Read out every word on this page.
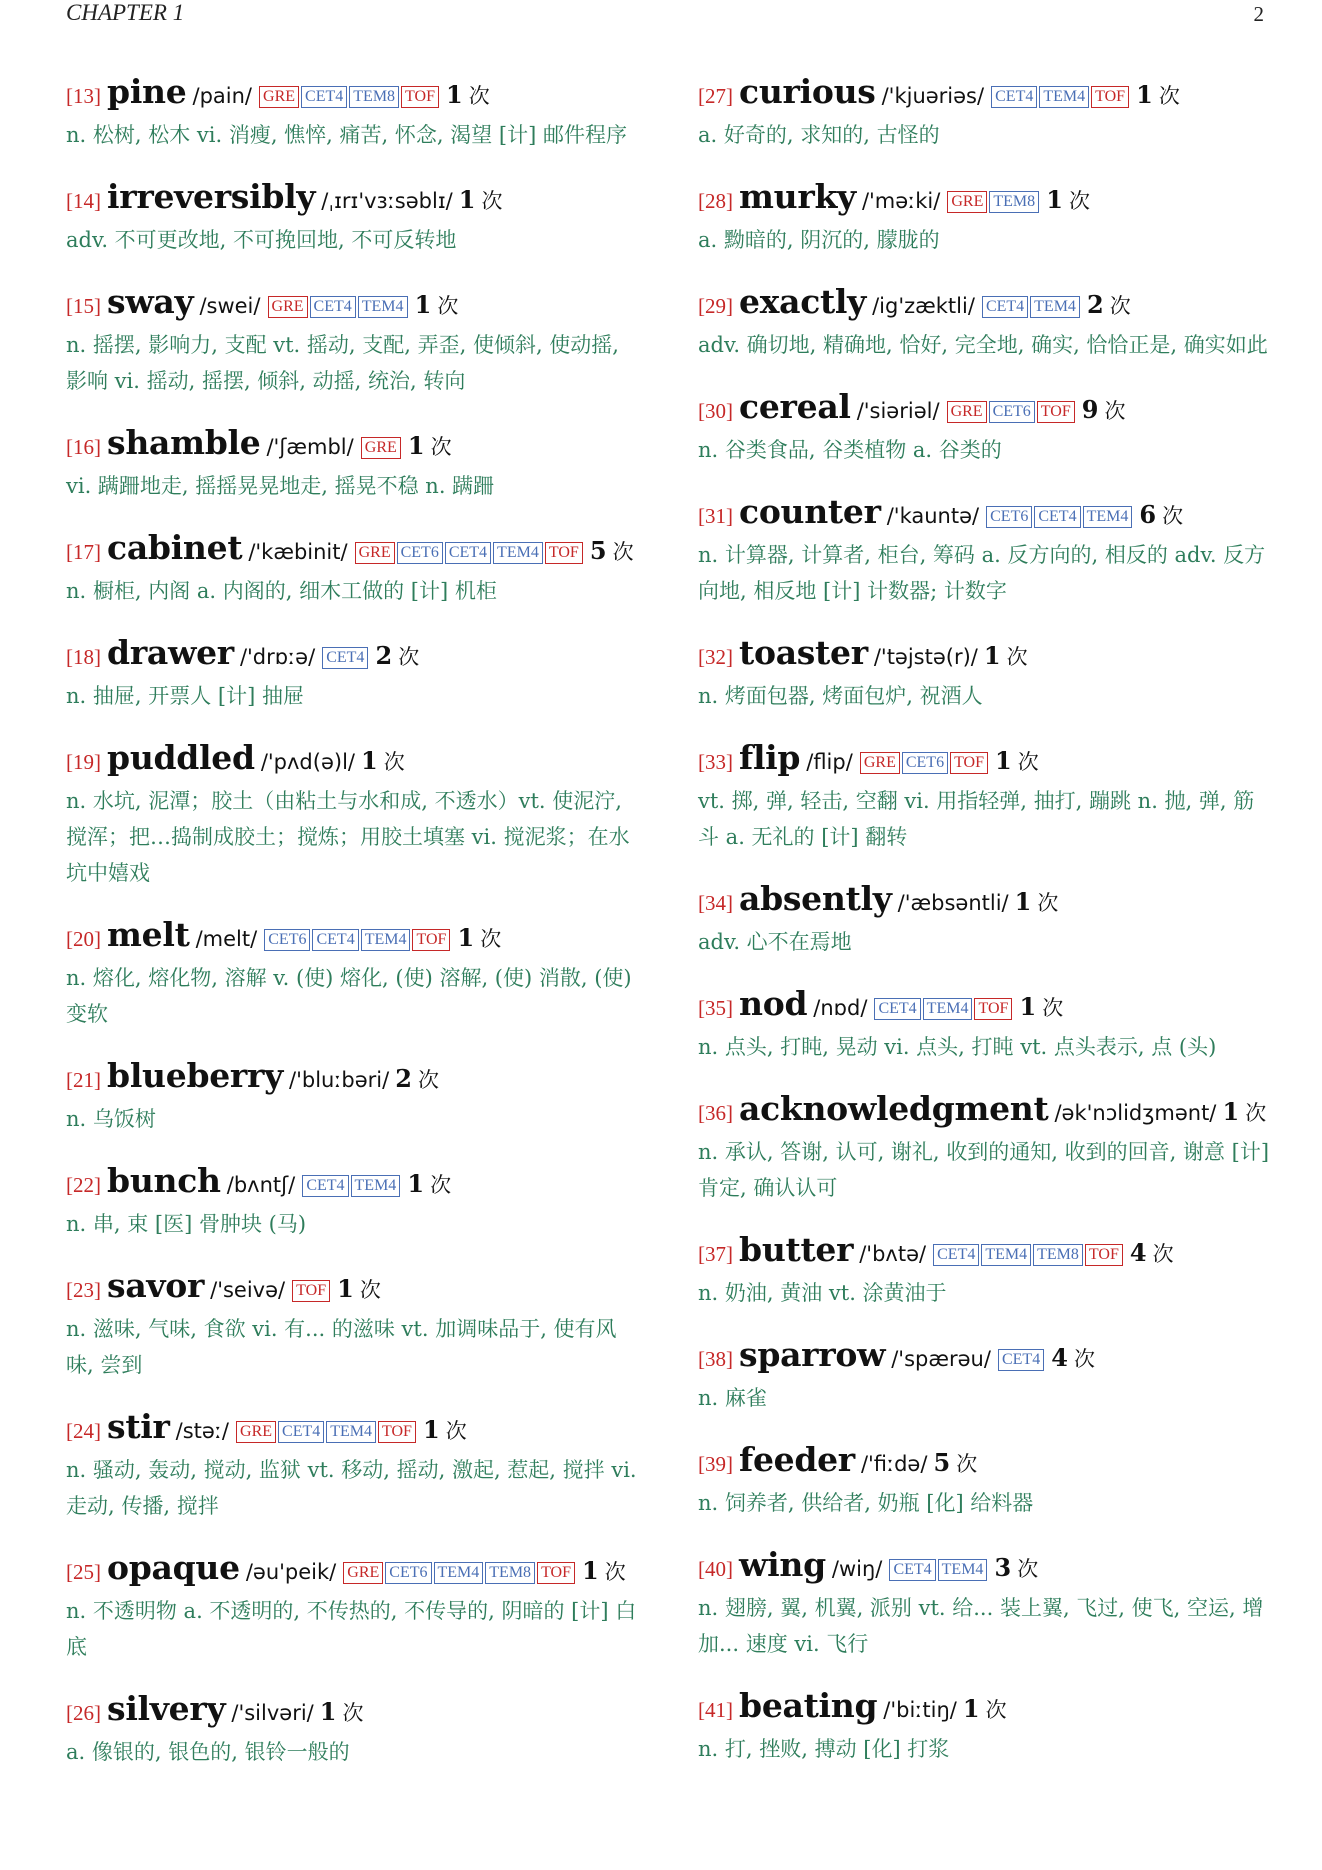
CHAPTER 1	2
[13] pine /pain/ GRE CET4 TEM8 TOF 1 次
n. 松树, 松木 vi. 消瘦, 憔悴, 痛苦, 怀念, 渴望 [计] 邮件程序
[14] irreversibly /ˌɪrɪ'vɜːsəblɪ/ 1 次
adv. 不可更改地, 不可挽回地, 不可反转地
[15] sway /swei/ GRE CET4 TEM4 1 次
n. 摇摆, 影响力, 支配 vt. 摇动, 支配, 弄歪, 使倾斜, 使动摇, 影响 vi. 摇动, 摇摆, 倾斜, 动摇, 统治, 转向
[16] shamble /'ʃæmbl/ GRE 1 次
vi. 蹒跚地走, 摇摇晃晃地走, 摇晃不稳 n. 蹒跚
[17] cabinet /'kæbinit/ GRE CET6 CET4 TEM4 TOF 5 次
n. 橱柜, 内阁 a. 内阁的, 细木工做的 [计] 机柜
[18] drawer /'drɒːə/ CET4 2 次
n. 抽屉, 开票人 [计] 抽屉
[19] puddled /'pʌd(ə)l/ 1 次
n. 水坑, 泥潭；胶土（由粘土与水和成, 不透水）vt. 使泥泞, 搅浑；把…捣制成胶土；搅炼；用胶土填塞 vi. 搅泥浆；在水坑中嬉戏
[20] melt /melt/ CET6 CET4 TEM4 TOF 1 次
n. 熔化, 熔化物, 溶解 v. (使) 熔化, (使) 溶解, (使) 消散, (使) 变软
[21] blueberry /'bluːbəri/ 2 次
n. 乌饭树
[22] bunch /bʌntʃ/ CET4 TEM4 1 次
n. 串, 束 [医] 骨肿块 (马)
[23] savor /'seivə/ TOF 1 次
n. 滋味, 气味, 食欲 vi. 有... 的滋味 vt. 加调味品于, 使有风味, 尝到
[24] stir /stəː/ GRE CET4 TEM4 TOF 1 次
n. 骚动, 轰动, 搅动, 监狱 vt. 移动, 摇动, 激起, 惹起, 搅拌 vi. 走动, 传播, 搅拌
[25] opaque /əu'peik/ GRE CET6 TEM4 TEM8 TOF 1 次
n. 不透明物 a. 不透明的, 不传热的, 不传导的, 阴暗的 [计] 白底
[26] silvery /'silvəri/ 1 次
a. 像银的, 银色的, 银铃一般的
[27] curious /'kjuəriəs/ CET4 TEM4 TOF 1 次
a. 好奇的, 求知的, 古怪的
[28] murky /'məːki/ GRE TEM8 1 次
a. 黝暗的, 阴沉的, 朦胧的
[29] exactly /ig'zæktli/ CET4 TEM4 2 次
adv. 确切地, 精确地, 恰好, 完全地, 确实, 恰恰正是, 确实如此
[30] cereal /'siəriəl/ GRE CET6 TOF 9 次
n. 谷类食品, 谷类植物 a. 谷类的
[31] counter /'kauntə/ CET6 CET4 TEM4 6 次
n. 计算器, 计算者, 柜台, 筹码 a. 反方向的, 相反的 adv. 反方向地, 相反地 [计] 计数器; 计数字
[32] toaster /'təjstə(r)/ 1 次
n. 烤面包器, 烤面包炉, 祝酒人
[33] flip /flip/ GRE CET6 TOF 1 次
vt. 掷, 弹, 轻击, 空翻 vi. 用指轻弹, 抽打, 蹦跳 n. 抛, 弹, 筋斗 a. 无礼的 [计] 翻转
[34] absently /'æbsəntli/ 1 次
adv. 心不在焉地
[35] nod /nɒd/ CET4 TEM4 TOF 1 次
n. 点头, 打盹, 晃动 vi. 点头, 打盹 vt. 点头表示, 点 (头)
[36] acknowledgment /ək'nɔlidʒmənt/ 1 次
n. 承认, 答谢, 认可, 谢礼, 收到的通知, 收到的回音, 谢意 [计] 肯定, 确认认可
[37] butter /'bʌtə/ CET4 TEM4 TEM8 TOF 4 次
n. 奶油, 黄油 vt. 涂黄油于
[38] sparrow /'spærəu/ CET4 4 次
n. 麻雀
[39] feeder /'fiːdə/ 5 次
n. 饲养者, 供给者, 奶瓶 [化] 给料器
[40] wing /wiŋ/ CET4 TEM4 3 次
n. 翅膀, 翼, 机翼, 派别 vt. 给... 装上翼, 飞过, 使飞, 空运, 增加... 速度 vi. 飞行
[41] beating /'biːtiŋ/ 1 次
n. 打, 挫败, 搏动 [化] 打浆
